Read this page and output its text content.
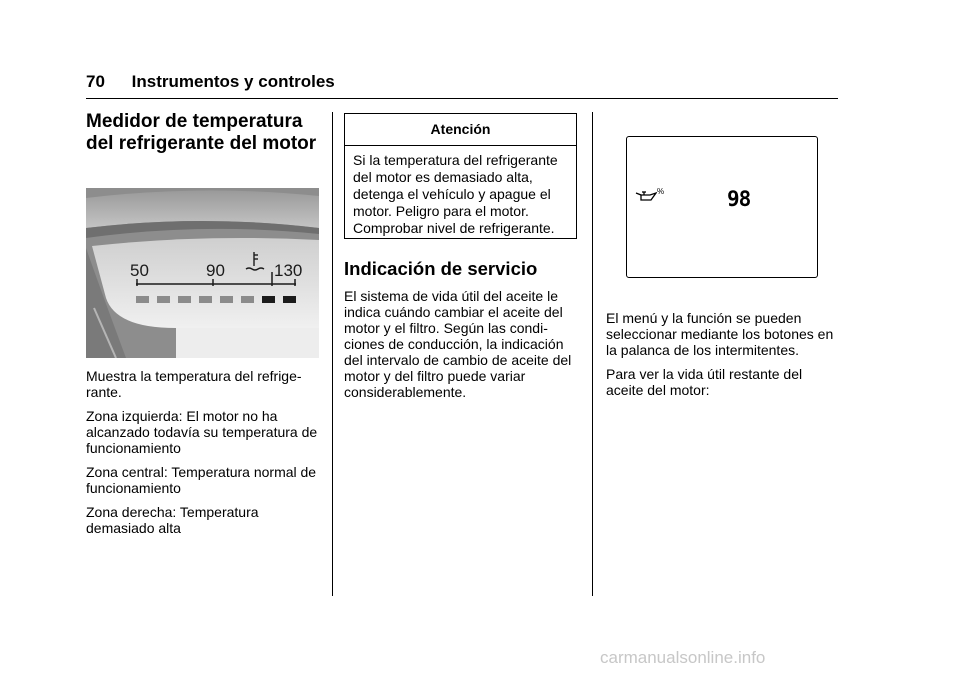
70 Instrumentos y controles
Medidor de temperatura
del refrigerante del motor
50	90	130

Muestra la temperatura del refrige-rante.

Zona izquierda: El motor no ha alcanzado todavía su temperatura de funcionamiento

Zona central: Temperatura normal de funcionamiento

Zona derecha: Temperatura demasiado alta

Atención
Si la temperatura del refrigerante del motor es demasiado alta, detenga el vehículo y apague el motor. Peligro para el motor. Comprobar nivel de refrigerante.
Indicación de servicio

El sistema de vida útil del aceite le indica cuándo cambiar el aceite del motor y el filtro. Según las condi-ciones de conducción, la indicación del intervalo de cambio de aceite del motor y del filtro puede variar considerablemente.

%	98

El menú y la función se pueden seleccionar mediante los botones en la palanca de los intermitentes.

Para ver la vida útil restante del aceite del motor:

carmanualsonline.info
